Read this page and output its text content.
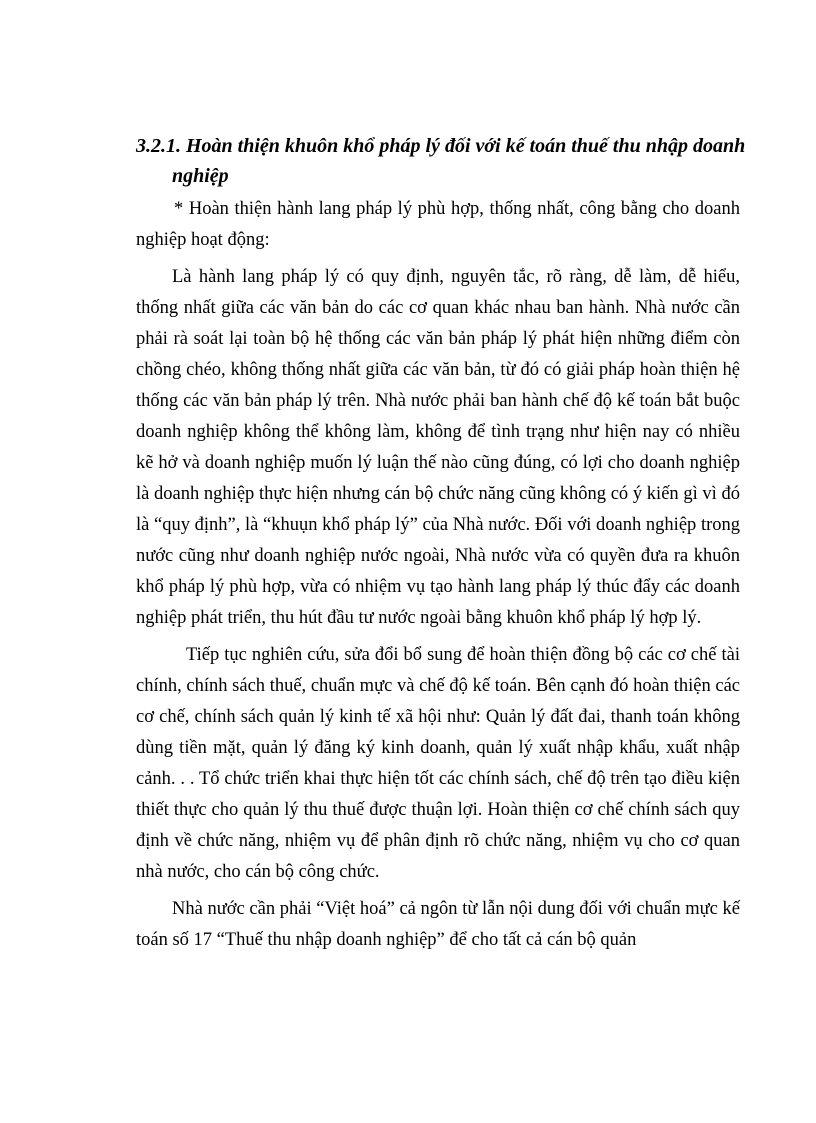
3.2.1. Hoàn thiện khuôn khổ pháp lý đối với kế toán thuế thu nhập doanh
nghiệp

* Hoàn thiện hành lang pháp lý phù hợp, thống nhất, công bằng cho doanh nghiệp hoạt động:

Là hành lang pháp lý có quy định, nguyên tắc, rõ ràng, dễ làm, dễ hiểu, thống nhất giữa các văn bản do các cơ quan khác nhau ban hành. Nhà nước cần phải rà soát lại toàn bộ hệ thống các văn bản pháp lý phát hiện những điểm còn chồng chéo, không thống nhất giữa các văn bản, từ đó có giải pháp hoàn thiện hệ thống các văn bản pháp lý trên. Nhà nước phải ban hành chế độ kế toán bắt buộc doanh nghiệp không thể không làm, không để tình trạng như hiện nay có nhiều kẽ hở và doanh nghiệp muốn lý luận thế nào cũng đúng, có lợi cho doanh nghiệp là doanh nghiệp thực hiện nhưng cán bộ chức năng cũng không có ý kiến gì vì đó là “quy định”, là “khuụn khổ pháp lý” của Nhà nước. Đối với doanh nghiệp trong nước cũng như doanh nghiệp nước ngoài, Nhà nước vừa có quyền đưa ra khuôn khổ pháp lý phù hợp, vừa có nhiệm vụ tạo hành lang pháp lý thúc đẩy các doanh nghiệp phát triển, thu hút đầu tư nước ngoài bằng khuôn khổ pháp lý hợp lý.

Tiếp tục nghiên cứu, sửa đổi bổ sung để hoàn thiện đồng bộ các cơ chế tài chính, chính sách thuế, chuẩn mực và chế độ kế toán. Bên cạnh đó hoàn thiện các cơ chế, chính sách quản lý kinh tế xã hội như: Quản lý đất đai, thanh toán không dùng tiền mặt, quản lý đăng ký kinh doanh, quản lý xuất nhập khẩu, xuất nhập cảnh. . . Tổ chức triển khai thực hiện tốt các chính sách, chế độ trên tạo điều kiện thiết thực cho quản lý thu thuế được thuận lợi. Hoàn thiện cơ chế chính sách quy định về chức năng, nhiệm vụ để phân định rõ chức năng, nhiệm vụ cho cơ quan nhà nước, cho cán bộ công chức.

Nhà nước cần phải “Việt hoá” cả ngôn từ lẫn nội dung đối với chuẩn mực kế toán số 17 “Thuế thu nhập doanh nghiệp” để cho tất cả cán bộ quản
